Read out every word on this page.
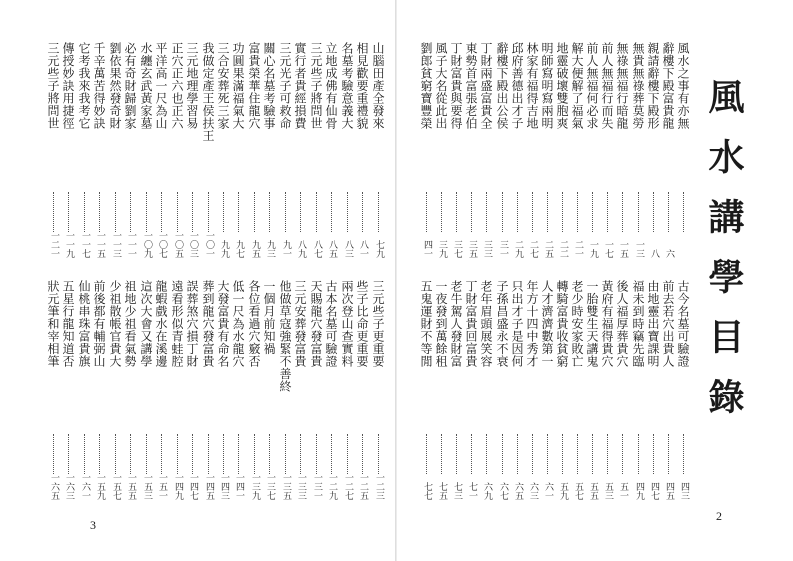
風水講學目錄
風水之事有亦無
辭樓下殿富貴龍
六
親請辭樓下殿形
八
無貴無祿葬莫勞
一三
無祿無福行暗龍
一五
前人無福行而失
一七
前人無福何必求
一九
解大便解了福氣
二一
地靈破壞雙胞爽
二二
明師寫明寫兩明
二五
林家有福得吉地
二七
邱府善德出才子
二九
辭樓下殿出公侯
三一
丁財兩盛富貴全
三三
東勢首富張老伯
三五
丁財富貴與要得
三七
風子大名從此出
三九
劉郎貧窮寶豐榮
四一
古今名墓可驗證
四三
前去若穴出貴人
四五
由地靈出寶課明
四七
福未到時竊先臨
四九
後人福厚葬貴穴
五一
黃府有福得貴穴
五三
一胎雙生天講鬼
五五
老少時安家敗亡
五七
轉騎富貴收貧窮
五九
人才濟濟數第一
六一
年方十四中秀才
六三
只出才子是因何
六五
子孫昌盛永不衰
六七
老年眉頭展笑容
六九
丁財富貴回富貴
七一
老牛駕人發財富
七三
一夜發到萬餘租
七五
五鬼運財不等閒
七七
山腦田產全發來
七九
相見歡要重禮貌
八一
名墓考驗意義大
八三
立地成佛有仙骨
八五
三元些子將問世
八七
實行者貴經損費
八九
三元光子可救命
九一
關心名墓考驗事
九三
富貴榮華住龍穴
九五
功圓果滿福氣大
九七
三合安葬死三家
九九
我做定產王侯扶王
一〇一
三元地理學習易
一〇三
正穴正六也正六
一〇五
平洋高一尺為山
一〇七
水纏玄武黃家墓
一〇九
必有奇財歸劉家
一一一
劉依果然發奇財
一一三
千辛萬苦得妙訣
一一五
它考我來我考它
一一七
傳授妙訣用捷徑
一一九
三元些子將問世
一二一
三元些子更重要
一二三
些子比命更重要
一二五
兩次登山查實料
一二七
古本名墓可驗證
一二九
天賜龍穴發富貴
一三一
三元安葬發富貴
一三三
他做草寇強緊不善終
一三五
一個月前知禍
一三七
各位看過穴竅否
一三九
低一尺為水龍穴
一四一
大發富貴有命名
一四三
葬到龍穴發富貴
一四五
誤葬煞穴損丁財
一四七
遠看形似青蛙腔
一四九
龍蝦戲水在溪邊
一五一
這次大會又講學
一五三
祖地少祖看氣勢
一五五
少祖散帳官貴大
一五七
前後都有輔弼山
一五九
仙桃串珠富貴旗
一六一
五星行龍知道否
一六三
狀元筆和宰相筆
一六五
3
2
